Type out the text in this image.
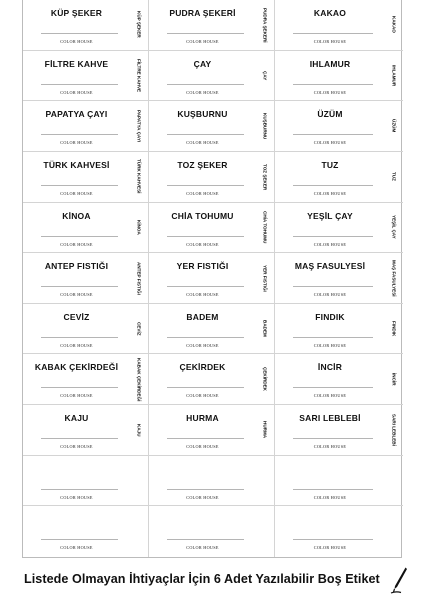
KÜP ŞEKER
COLOR HOUSE
KÜP ŞEKER	PUDRA ŞEKERİ
COLOR HOUSE	PUDRA ŞEKERİ	KAKAO
COLOR HOUSE
KAKAO
FİLTRE KAHVE
COLOR HOUSE
FİLTRE KAHVE	ÇAY
COLOR HOUSE
ÇAY
IHLAMUR
COLOR HOUSE
IHLAMUR
PAPATYA ÇAYI
COLOR HOUSE
PAPATYA ÇAYI	KUŞBURNU
COLOR HOUSE
KUŞBURNU	ÜZÜM
COLOR HOUSE
ÜZÜM
TÜRK KAHVESİ
COLOR HOUSE	TÜRK KAHVESİ	TOZ ŞEKER
COLOR HOUSE
TOZ ŞEKER	TUZ
COLOR HOUSE
TUZ
KİNOA
COLOR HOUSE
KİNOA
CHİA TOHUMU
COLOR HOUSE
CHİA TOHUMU	YEŞİL ÇAY
COLOR HOUSE
YEŞİL ÇAY
ANTEP FISTIĞI
COLOR HOUSE
ANTEP FISTIĞI	YER FISTIĞI
COLOR HOUSE
YER FISTIĞI	MAŞ FASULYESİ
COLOR HOUSE	MAŞ FASULYESİ
CEVİZ
COLOR HOUSE
CEVİZ
BADEM
COLOR HOUSE
BADEM
FINDIK
COLOR HOUSE
FINDIK
KABAK ÇEKİRDEĞİ
COLOR HOUSE	KABAK ÇEKİRDEĞİ	ÇEKİRDEK
COLOR HOUSE
ÇEKİRDEK	İNCİR
COLOR HOUSE
İNCİR
KAJU
COLOR HOUSE
KAJU
HURMA
COLOR HOUSE
HURMA
SARI LEBLEBİ
COLOR HOUSE
SARI LEBLEBİ
COLOR HOUSE	COLOR HOUSE	COLOR HOUSE
COLOR HOUSE	COLOR HOUSE	COLOR HOUSE
Listede Olmayan İhtiyaçlar İçin 6 Adet Yazılabilir Boş Etiket
